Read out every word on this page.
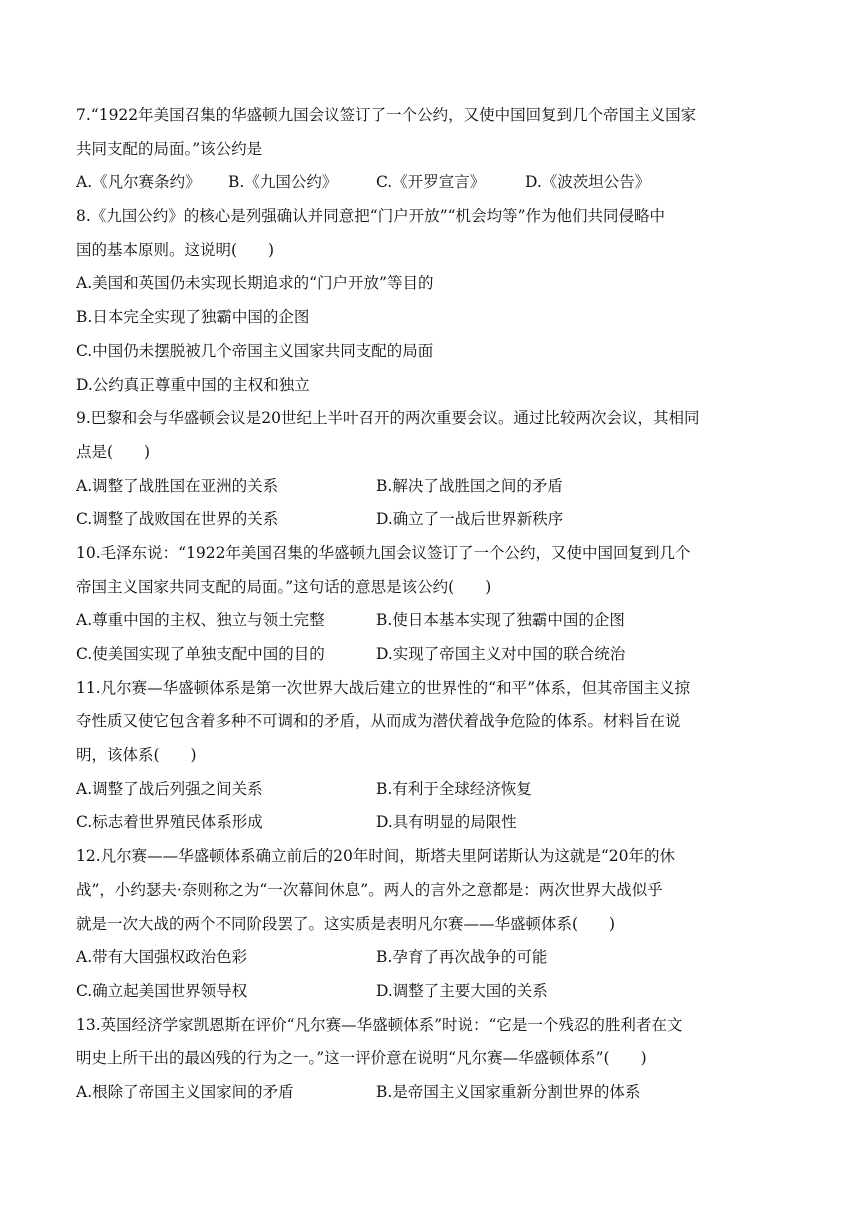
7.“1922年美国召集的华盛顿九国会议签订了一个公约，又使中国回复到几个帝国主义国家
共同支配的局面。”该公约是
A.《凡尔赛条约》	B.《九国公约》	C.《开罗宣言》	D.《波茨坦公告》
8.《九国公约》的核心是列强确认并同意把“门户开放”“机会均等”作为他们共同侵略中
国的基本原则。这说明(　　)
A.美国和英国仍未实现长期追求的“门户开放”等目的
B.日本完全实现了独霸中国的企图
C.中国仍未摆脱被几个帝国主义国家共同支配的局面
D.公约真正尊重中国的主权和独立
9.巴黎和会与华盛顿会议是20世纪上半叶召开的两次重要会议。通过比较两次会议，其相同
点是(　　)
A.调整了战胜国在亚洲的关系	B.解决了战胜国之间的矛盾
C.调整了战败国在世界的关系	D.确立了一战后世界新秩序
10.毛泽东说：“1922年美国召集的华盛顿九国会议签订了一个公约，又使中国回复到几个
帝国主义国家共同支配的局面。”这句话的意思是该公约(　　)
A.尊重中国的主权、独立与领土完整	B.使日本基本实现了独霸中国的企图
C.使美国实现了单独支配中国的目的	D.实现了帝国主义对中国的联合统治
11.凡尔赛—华盛顿体系是第一次世界大战后建立的世界性的“和平”体系，但其帝国主义掠
夺性质又使它包含着多种不可调和的矛盾，从而成为潜伏着战争危险的体系。材料旨在说
明，该体系(　　)
A.调整了战后列强之间关系	B.有利于全球经济恢复
C.标志着世界殖民体系形成	D.具有明显的局限性
12.凡尔赛——华盛顿体系确立前后的20年时间，斯塔夫里阿诺斯认为这就是“20年的休
战”，小约瑟夫·奈则称之为“一次幕间休息”。两人的言外之意都是：两次世界大战似乎
就是一次大战的两个不同阶段罢了。这实质是表明凡尔赛——华盛顿体系(　　)
A.带有大国强权政治色彩	B.孕育了再次战争的可能
C.确立起美国世界领导权	D.调整了主要大国的关系
13.英国经济学家凯恩斯在评价“凡尔赛—华盛顿体系”时说：“它是一个残忍的胜利者在文
明史上所干出的最凶残的行为之一。”这一评价意在说明“凡尔赛—华盛顿体系”(　　)
A.根除了帝国主义国家间的矛盾	B.是帝国主义国家重新分割世界的体系
